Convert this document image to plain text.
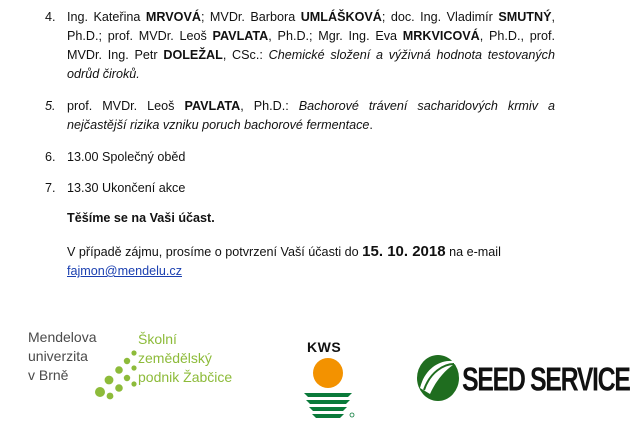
4. Ing. Kateřina MRVOVÁ; MVDr. Barbora UMLÁŠKOVÁ; doc. Ing. Vladimír SMUTNÝ,
Ph.D.; prof. MVDr. Leoš PAVLATA, Ph.D.; Mgr. Ing. Eva MRKVICOVÁ, Ph.D., prof.
MVDr. Ing. Petr DOLEŽAL, CSc.: Chemické složení a výživná hodnota testovaných
odrůd čiroků.
5. prof. MVDr. Leoš PAVLATA, Ph.D.: Bachorové trávení sacharidových krmiv a
nejčastější rizika vzniku poruch bachorové fermentace.
6. 13.00 Společný oběd
7. 13.30 Ukončení akce
Těšíme se na Vaši účast.
V případě zájmu, prosíme o potvrzení Vaší účasti do 15. 10. 2018 na e-mail
fajmon@mendelu.cz
Mendelova
univerzita
v Brně
Školní
zemědělský
podnik Žabčice
KWS
SEED SERVICE
